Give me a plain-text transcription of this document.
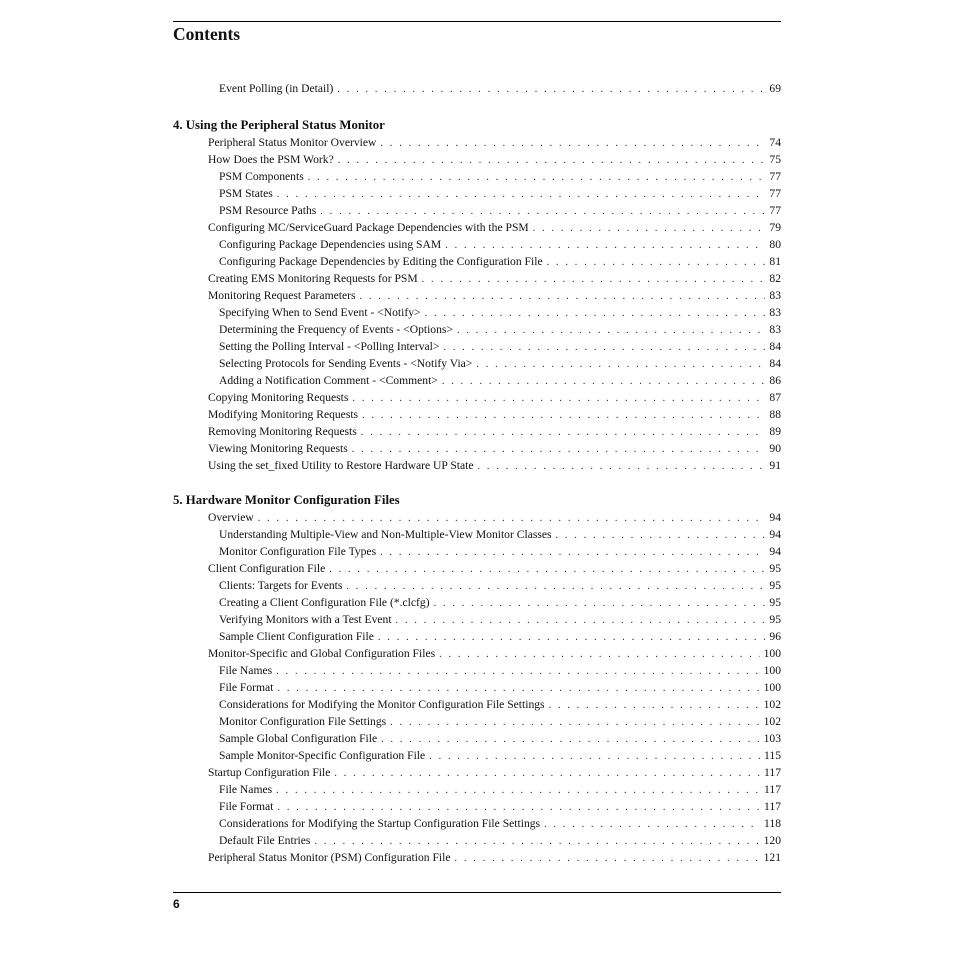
Contents
Event Polling (in Detail) . . .	69
4. Using the Peripheral Status Monitor
Peripheral Status Monitor Overview . . .	74
How Does the PSM Work? . . .	75
PSM Components . . .	77
PSM States . . .	77
PSM Resource Paths . . .	77
Configuring MC/ServiceGuard Package Dependencies with the PSM . . .	79
Configuring Package Dependencies using SAM . . .	80
Configuring Package Dependencies by Editing the Configuration File . . .	81
Creating EMS Monitoring Requests for PSM . . .	82
Monitoring Request Parameters . . .	83
Specifying When to Send Event - <Notify> . . .	83
Determining the Frequency of Events - <Options> . . .	83
Setting the Polling Interval - <Polling Interval> . . .	84
Selecting Protocols for Sending Events - <Notify Via> . . .	84
Adding a Notification Comment - <Comment> . . .	86
Copying Monitoring Requests . . .	87
Modifying Monitoring Requests . . .	88
Removing Monitoring Requests . . .	89
Viewing Monitoring Requests . . .	90
Using the set_fixed Utility to Restore Hardware UP State . . .	91
5. Hardware Monitor Configuration Files
Overview . . .	94
Understanding Multiple-View and Non-Multiple-View Monitor Classes . . .	94
Monitor Configuration File Types . . .	94
Client Configuration File . . .	95
Clients: Targets for Events . . .	95
Creating a Client Configuration File (*.clcfg) . . .	95
Verifying Monitors with a Test Event . . .	95
Sample Client Configuration File . . .	96
Monitor-Specific and Global Configuration Files . . .	100
File Names . . .	100
File Format . . .	100
Considerations for Modifying the Monitor Configuration File Settings . . .	102
Monitor Configuration File Settings . . .	102
Sample Global Configuration File . . .	103
Sample Monitor-Specific Configuration File . . .	115
Startup Configuration File . . .	117
File Names . . .	117
File Format . . .	117
Considerations for Modifying the Startup Configuration File Settings . . .	118
Default File Entries . . .	120
Peripheral Status Monitor (PSM) Configuration File . . .	121
6
